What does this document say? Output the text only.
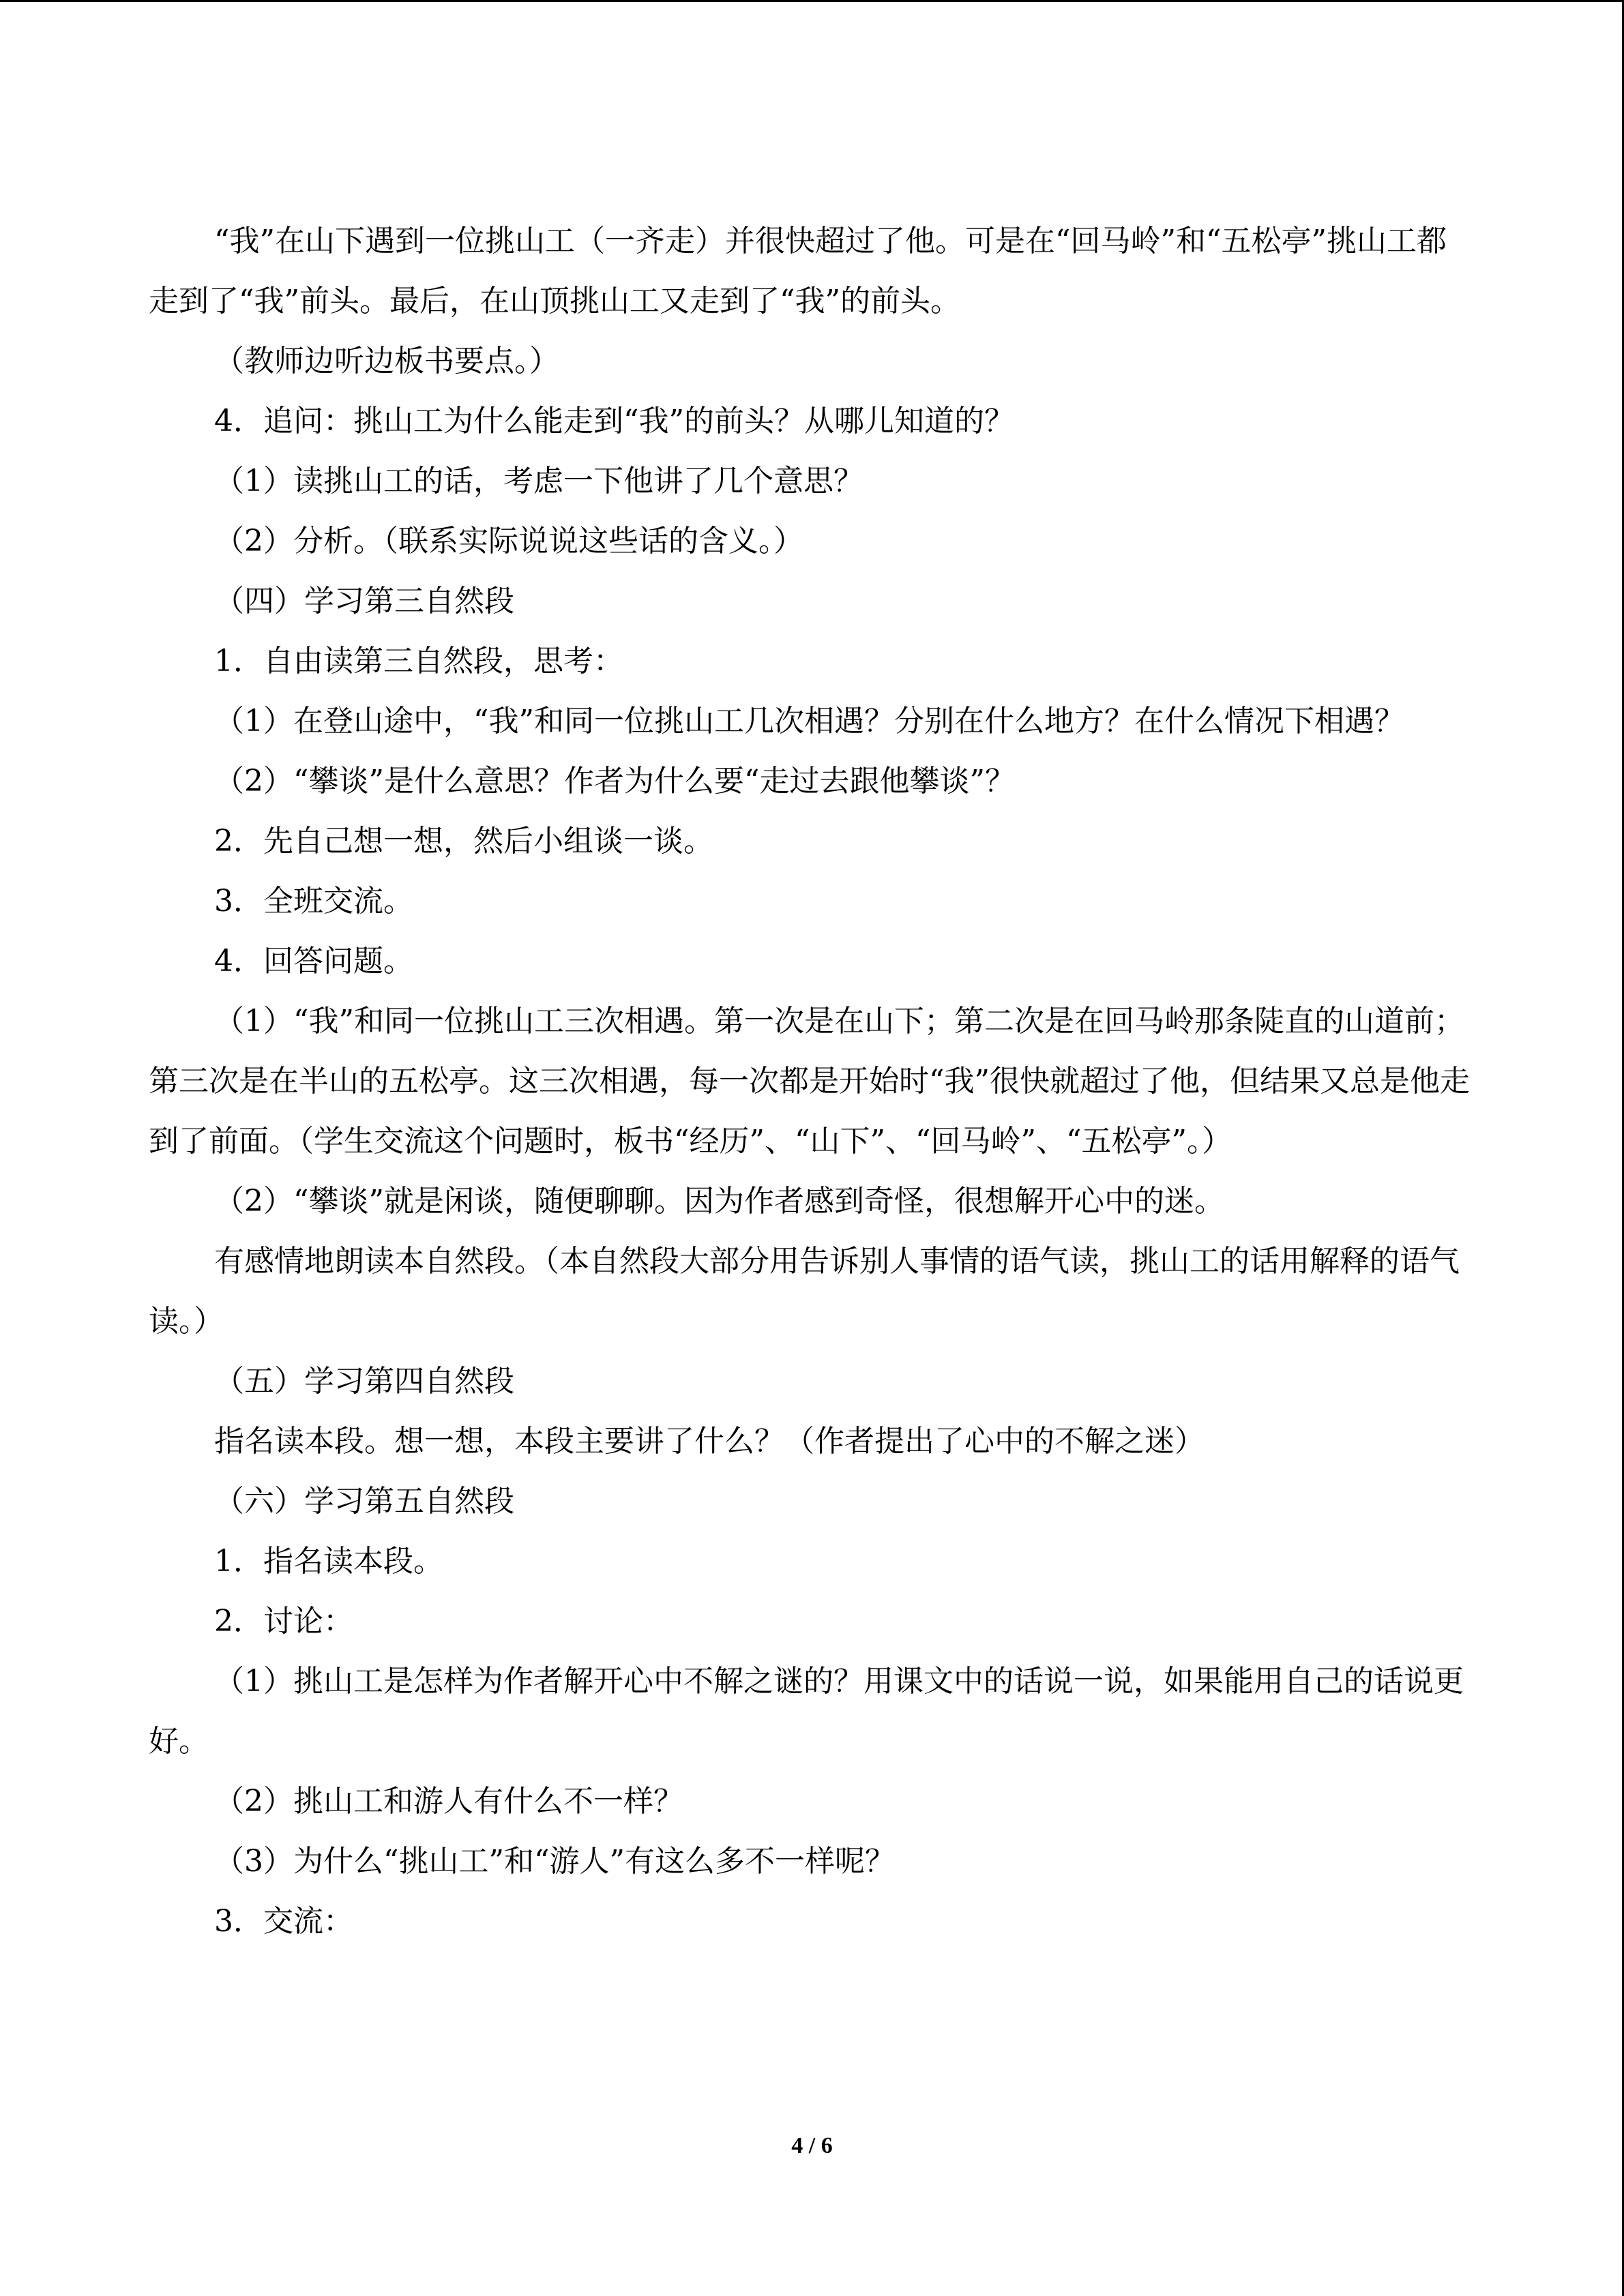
“我”在山下遇到一位挑山工（一齐走）并很快超过了他。可是在“回马岭”和“五松亭”挑山工都走到了“我”前头。最后，在山顶挑山工又走到了“我”的前头。

（教师边听边板书要点。）

4．追问：挑山工为什么能走到“我”的前头？从哪儿知道的？

（1）读挑山工的话，考虑一下他讲了几个意思？

（2）分析。（联系实际说说这些话的含义。）

（四）学习第三自然段

1．自由读第三自然段，思考：

（1）在登山途中，“我”和同一位挑山工几次相遇？分别在什么地方？在什么情况下相遇？

（2）“攀谈”是什么意思？作者为什么要“走过去跟他攀谈”？

2．先自己想一想，然后小组谈一谈。

3．全班交流。

4．回答问题。

（1）“我”和同一位挑山工三次相遇。第一次是在山下；第二次是在回马岭那条陡直的山道前；第三次是在半山的五松亭。这三次相遇，每一次都是开始时“我”很快就超过了他，但结果又总是他走到了前面。（学生交流这个问题时，板书“经历”、“山下”、“回马岭”、“五松亭”。）

（2）“攀谈”就是闲谈，随便聊聊。因为作者感到奇怪，很想解开心中的迷。

有感情地朗读本自然段。（本自然段大部分用告诉别人事情的语气读，挑山工的话用解释的语气读。）

（五）学习第四自然段

指名读本段。想一想，本段主要讲了什么？（作者提出了心中的不解之迷）

（六）学习第五自然段

1．指名读本段。

2．讨论：

（1）挑山工是怎样为作者解开心中不解之谜的？用课文中的话说一说，如果能用自己的话说更好。

（2）挑山工和游人有什么不一样？

（3）为什么“挑山工”和“游人”有这么多不一样呢？

3．交流：

4 / 6
